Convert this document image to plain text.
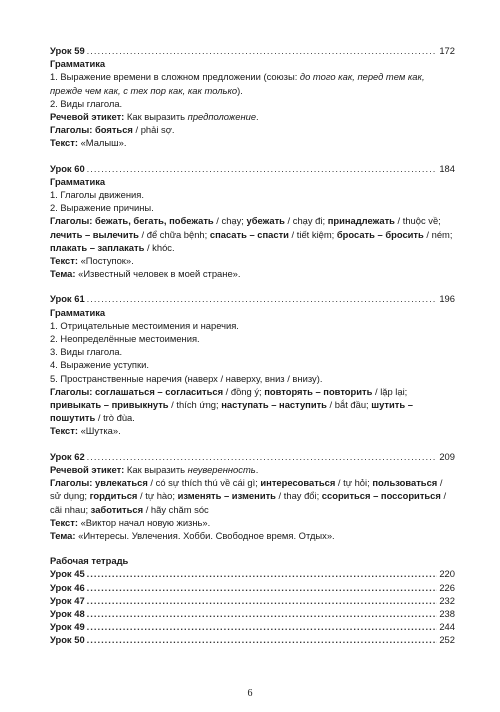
Урок 59 .....	172
Грамматика

1. Выражение времени в сложном предложении (союзы: до того как, перед тем как, прежде чем как, с тех пор как, как только).

2. Виды глагола.

Речевой этикет: Как выразить предположение.

Глаголы: бояться / phải sợ.

Текст: «Малыш».

Урок 60 .....	184
Грамматика

1. Глаголы движения.

2. Выражение причины.

Глаголы: бежать, бегать, побежать / chạy; убежать / chạy đi; принадлежать / thuộc về; лечить – вылечить / để chữa bệnh; спасать – спасти / tiết kiệm; бросать – бросить / ném; плакать – заплакать / khóc.

Текст: «Поступок».

Тема: «Известный человек в моей стране».

Урок 61 .....	196
Грамматика

1. Отрицательные местоимения и наречия.

2. Неопределённые местоимения.

3. Виды глагола.

4. Выражение уступки.

5. Пространственные наречия (наверх / наверху, вниз / внизу).

Глаголы: соглашаться – согласиться / đồng ý; повторять – повторить / lặp lại; привыкать – привыкнуть / thích ứng; наступать – наступить / bắt đầu; шутить – пошутить / trò đùa.

Текст: «Шутка».

Урок 62 .....	209

Речевой этикет: Как выразить неуверенность.

Глаголы: увлекаться / có sự thích thú về cái gì; интересоваться / tự hỏi; пользоваться / sử dụng; гордиться / tự hào; изменять – изменить / thay đổi; ссориться – поссориться / cãi nhau; заботиться / hãy chăm sóc

Текст: «Виктор начал новую жизнь».

Тема: «Интересы. Увлечения. Хобби. Свободное время. Отдых».

Рабочая тетрадь
Урок 45 .....	220
Урок 46 .....	226
Урок 47 .....	232
Урок 48 .....	238
Урок 49 .....	244
Урок 50 .....	252
6
